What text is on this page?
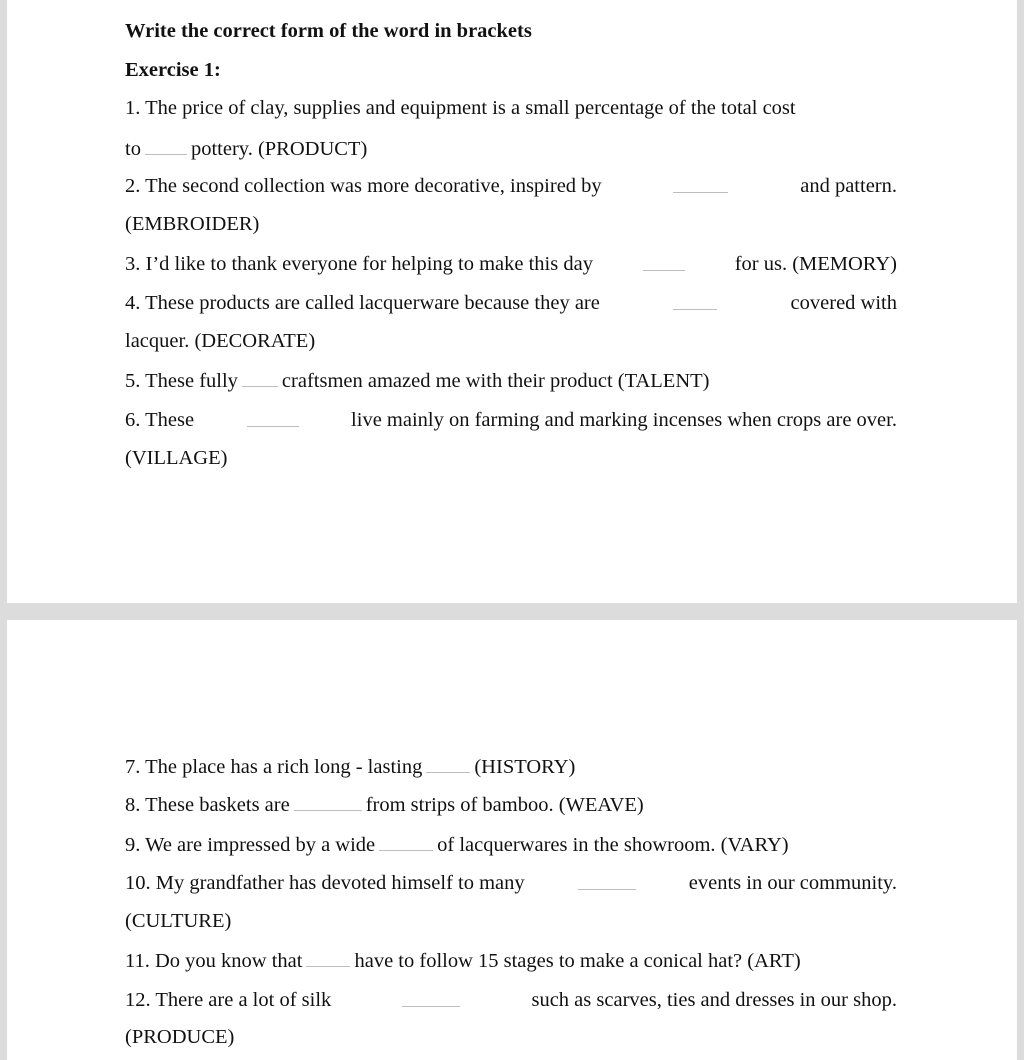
Write the correct form of the word in brackets

Exercise 1:

1. The price of clay, supplies and equipment is a small percentage of the total cost

to pottery. (PRODUCT)

2. The second collection was more decorative, inspired by	and pattern.

(EMBROIDER)

3. I’d like to thank everyone for helping to make this day	for us. (MEMORY)

4. These products are called lacquerware because they are	covered with

lacquer. (DECORATE)

5. These fully craftsmen amazed me with their product (TALENT)

6. These	live mainly on farming and marking incenses when crops are over.

(VILLAGE)

7. The place has a rich long - lasting	(HISTORY)

8. These baskets are	from strips of bamboo. (WEAVE)

9. We are impressed by a wide	of lacquerwares in the showroom. (VARY)

10. My grandfather has devoted himself to many	events in our community.

(CULTURE)

11. Do you know that	have to follow 15 stages to make a conical hat? (ART)

12. There are a lot of silk	such as scarves, ties and dresses in our shop.

(PRODUCE)
